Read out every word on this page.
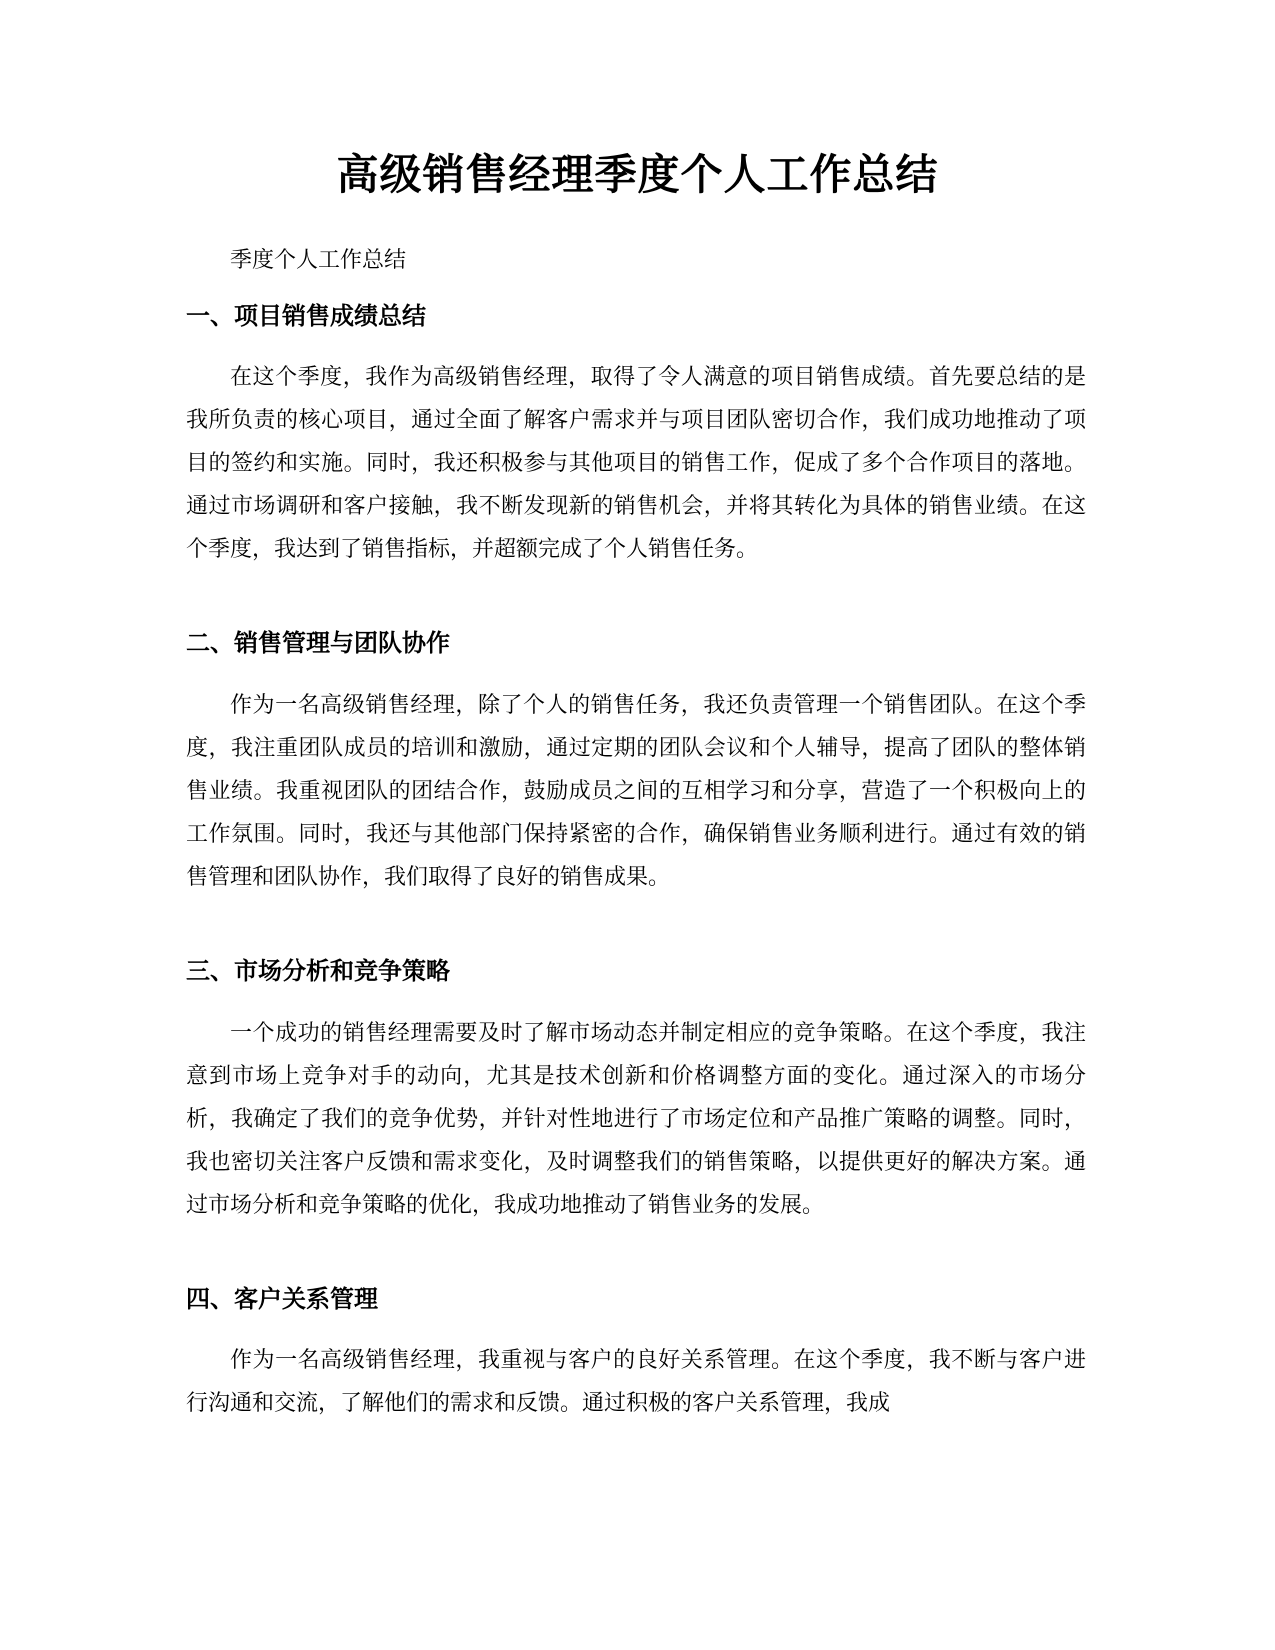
高级销售经理季度个人工作总结
季度个人工作总结
一、项目销售成绩总结

在这个季度，我作为高级销售经理，取得了令人满意的项目销售成绩。首先要总结的是我所负责的核心项目，通过全面了解客户需求并与项目团队密切合作，我们成功地推动了项目的签约和实施。同时，我还积极参与其他项目的销售工作，促成了多个合作项目的落地。通过市场调研和客户接触，我不断发现新的销售机会，并将其转化为具体的销售业绩。在这个季度，我达到了销售指标，并超额完成了个人销售任务。

二、销售管理与团队协作

作为一名高级销售经理，除了个人的销售任务，我还负责管理一个销售团队。在这个季度，我注重团队成员的培训和激励，通过定期的团队会议和个人辅导，提高了团队的整体销售业绩。我重视团队的团结合作，鼓励成员之间的互相学习和分享，营造了一个积极向上的工作氛围。同时，我还与其他部门保持紧密的合作，确保销售业务顺利进行。通过有效的销售管理和团队协作，我们取得了良好的销售成果。

三、市场分析和竞争策略

一个成功的销售经理需要及时了解市场动态并制定相应的竞争策略。在这个季度，我注意到市场上竞争对手的动向，尤其是技术创新和价格调整方面的变化。通过深入的市场分析，我确定了我们的竞争优势，并针对性地进行了市场定位和产品推广策略的调整。同时，我也密切关注客户反馈和需求变化，及时调整我们的销售策略，以提供更好的解决方案。通过市场分析和竞争策略的优化，我成功地推动了销售业务的发展。

四、客户关系管理

作为一名高级销售经理，我重视与客户的良好关系管理。在这个季度，我不断与客户进行沟通和交流，了解他们的需求和反馈。通过积极的客户关系管理，我成
